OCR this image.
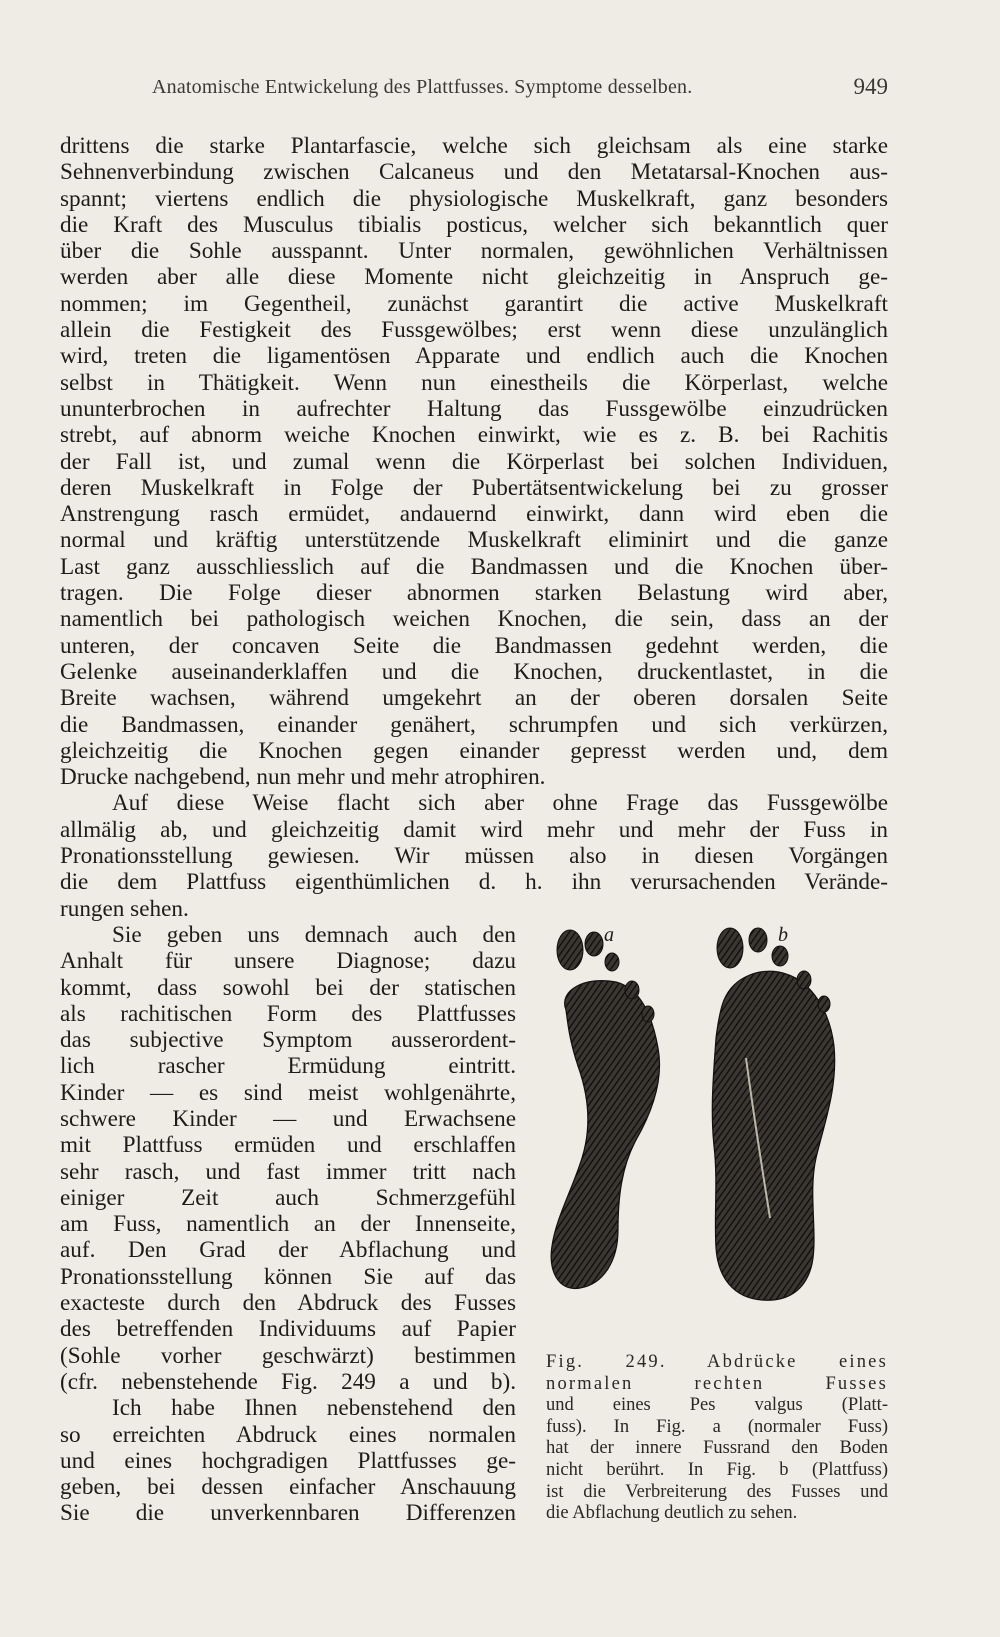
Anatomische Entwickelung des Plattfusses. Symptome desselben.	949
drittens die starke Plantarfascie, welche sich gleichsam als eine starke
Sehnenverbindung zwischen Calcaneus und den Metatarsal-Knochen aus-
spannt; viertens endlich die physiologische Muskelkraft, ganz besonders
die Kraft des Musculus tibialis posticus, welcher sich bekanntlich quer
über die Sohle ausspannt. Unter normalen, gewöhnlichen Verhältnissen
werden aber alle diese Momente nicht gleichzeitig in Anspruch ge-
nommen; im Gegentheil, zunächst garantirt die active Muskelkraft
allein die Festigkeit des Fussgewölbes; erst wenn diese unzulänglich
wird, treten die ligamentösen Apparate und endlich auch die Knochen
selbst in Thätigkeit. Wenn nun einestheils die Körperlast, welche
ununterbrochen in aufrechter Haltung das Fussgewölbe einzudrücken
strebt, auf abnorm weiche Knochen einwirkt, wie es z. B. bei Rachitis
der Fall ist, und zumal wenn die Körperlast bei solchen Individuen,
deren Muskelkraft in Folge der Pubertätsentwickelung bei zu grosser
Anstrengung rasch ermüdet, andauernd einwirkt, dann wird eben die
normal und kräftig unterstützende Muskelkraft eliminirt und die ganze
Last ganz ausschliesslich auf die Bandmassen und die Knochen über-
tragen. Die Folge dieser abnormen starken Belastung wird aber,
namentlich bei pathologisch weichen Knochen, die sein, dass an der
unteren, der concaven Seite die Bandmassen gedehnt werden, die
Gelenke auseinanderklaffen und die Knochen, druckentlastet, in die
Breite wachsen, während umgekehrt an der oberen dorsalen Seite
die Bandmassen, einander genähert, schrumpfen und sich verkürzen,
gleichzeitig die Knochen gegen einander gepresst werden und, dem
Drucke nachgebend, nun mehr und mehr atrophiren.
Auf diese Weise flacht sich aber ohne Frage das Fussgewölbe
allmälig ab, und gleichzeitig damit wird mehr und mehr der Fuss in
Pronationsstellung gewiesen. Wir müssen also in diesen Vorgängen
die dem Plattfuss eigenthümlichen d. h. ihn verursachenden Verände-
rungen sehen.
Sie geben uns demnach auch den
Anhalt für unsere Diagnose; dazu
kommt, dass sowohl bei der statischen
als rachitischen Form des Plattfusses
das subjective Symptom ausserordent-
lich rascher Ermüdung eintritt.
Kinder — es sind meist wohlgenährte,
schwere Kinder — und Erwachsene
mit Plattfuss ermüden und erschlaffen
sehr rasch, und fast immer tritt nach
einiger Zeit auch Schmerzgefühl
am Fuss, namentlich an der Innenseite,
auf. Den Grad der Abflachung und
Pronationsstellung können Sie auf das
exacteste durch den Abdruck des Fusses
des betreffenden Individuums auf Papier
(Sohle vorher geschwärzt) bestimmen
(cfr. nebenstehende Fig. 249 a und b).
Ich habe Ihnen nebenstehend den
so erreichten Abdruck eines normalen
und eines hochgradigen Plattfusses ge-
geben, bei dessen einfacher Anschauung
Sie die unverkennbaren Differenzen
a	b
Fig. 249. Abdrücke eines
normalen rechten Fusses
und eines Pes valgus (Platt-
fuss). In Fig. a (normaler Fuss)
hat der innere Fussrand den Boden
nicht berührt. In Fig. b (Plattfuss)
ist die Verbreiterung des Fusses und
die Abflachung deutlich zu sehen.
